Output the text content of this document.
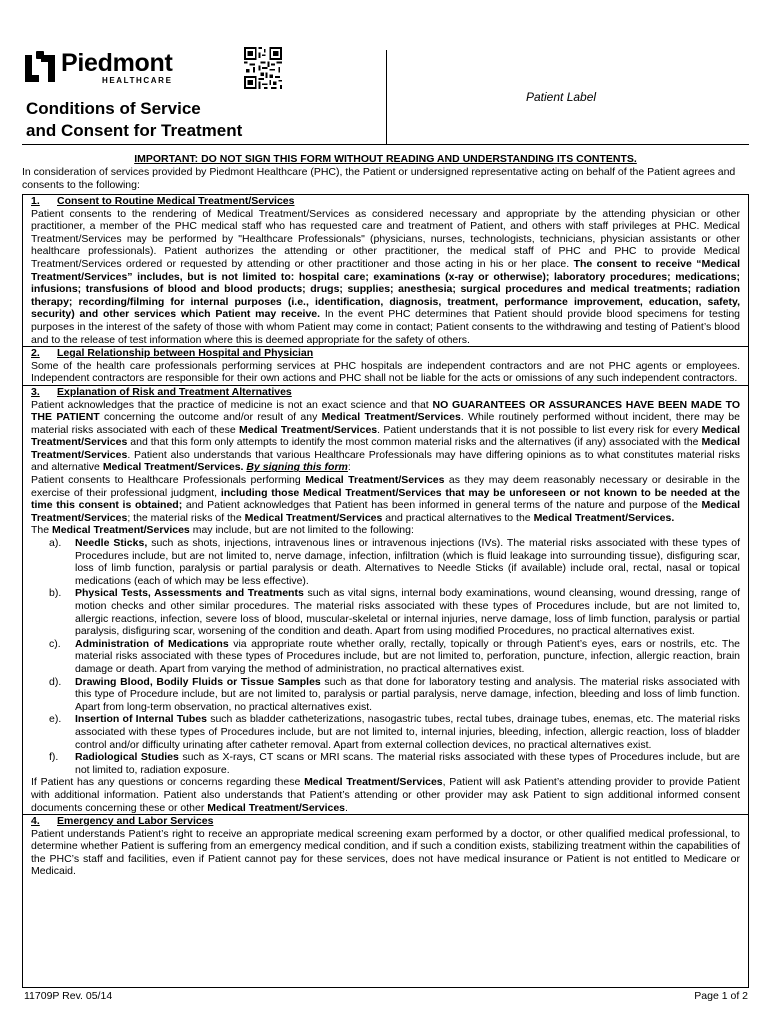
Piedmont
HEALTHCARE
Patient Label
Conditions of Service
and Consent for Treatment
IMPORTANT: DO NOT SIGN THIS FORM WITHOUT READING AND UNDERSTANDING ITS CONTENTS.
In consideration of services provided by Piedmont Healthcare (PHC), the Patient or undersigned representative acting on behalf of the Patient agrees and consents to the following:
1. Consent to Routine Medical Treatment/Services

Patient consents to the rendering of Medical Treatment/Services as considered necessary and appropriate by the attending physician or other practitioner, a member of the PHC medical staff who has requested care and treatment of Patient, and others with staff privileges at PHC. Medical Treatment/Services may be performed by "Healthcare Professionals" (physicians, nurses, technologists, technicians, physician assistants or other healthcare professionals). Patient authorizes the attending or other practitioner, the medical staff of PHC and PHC to provide Medical Treatment/Services ordered or requested by attending or other practitioner and those acting in his or her place. The consent to receive “Medical Treatment/Services” includes, but is not limited to: hospital care; examinations (x-ray or otherwise); laboratory procedures; medications; infusions; transfusions of blood and blood products; drugs; supplies; anesthesia; surgical procedures and medical treatments; radiation therapy; recording/filming for internal purposes (i.e., identification, diagnosis, treatment, performance improvement, education, safety, security) and other services which Patient may receive. In the event PHC determines that Patient should provide blood specimens for testing purposes in the interest of the safety of those with whom Patient may come in contact; Patient consents to the withdrawing and testing of Patient’s blood and to the release of test information where this is deemed appropriate for the safety of others.

2. Legal Relationship between Hospital and Physician

Some of the health care professionals performing services at PHC hospitals are independent contractors and are not PHC agents or employees. Independent contractors are responsible for their own actions and PHC shall not be liable for the acts or omissions of any such independent contractors.

3. Explanation of Risk and Treatment Alternatives

Patient acknowledges that the practice of medicine is not an exact science and that NO GUARANTEES OR ASSURANCES HAVE BEEN MADE TO THE PATIENT concerning the outcome and/or result of any Medical Treatment/Services. While routinely performed without incident, there may be material risks associated with each of these Medical Treatment/Services. Patient understands that it is not possible to list every risk for every Medical Treatment/Services and that this form only attempts to identify the most common material risks and the alternatives (if any) associated with the Medical Treatment/Services. Patient also understands that various Healthcare Professionals may have differing opinions as to what constitutes material risks and alternative Medical Treatment/Services. By signing this form:

Patient consents to Healthcare Professionals performing Medical Treatment/Services as they may deem reasonably necessary or desirable in the exercise of their professional judgment, including those Medical Treatment/Services that may be unforeseen or not known to be needed at the time this consent is obtained; and Patient acknowledges that Patient has been informed in general terms of the nature and purpose of the Medical Treatment/Services; the material risks of the Medical Treatment/Services and practical alternatives to the Medical Treatment/Services.

The Medical Treatment/Services may include, but are not limited to the following:

a). Needle Sticks, such as shots, injections, intravenous lines or intravenous injections (IVs). The material risks associated with these types of Procedures include, but are not limited to, nerve damage, infection, infiltration (which is fluid leakage into surrounding tissue), disfiguring scar, loss of limb function, paralysis or partial paralysis or death. Alternatives to Needle Sticks (if available) include oral, rectal, nasal or topical medications (each of which may be less effective).
b). Physical Tests, Assessments and Treatments such as vital signs, internal body examinations, wound cleansing, wound dressing, range of motion checks and other similar procedures. The material risks associated with these types of Procedures include, but are not limited to, allergic reactions, infection, severe loss of blood, muscular-skeletal or internal injuries, nerve damage, loss of limb function, paralysis or partial paralysis, disfiguring scar, worsening of the condition and death. Apart from using modified Procedures, no practical alternatives exist.
c). Administration of Medications via appropriate route whether orally, rectally, topically or through Patient’s eyes, ears or nostrils, etc. The material risks associated with these types of Procedures include, but are not limited to, perforation, puncture, infection, allergic reaction, brain damage or death. Apart from varying the method of administration, no practical alternatives exist.
d). Drawing Blood, Bodily Fluids or Tissue Samples such as that done for laboratory testing and analysis. The material risks associated with this type of Procedure include, but are not limited to, paralysis or partial paralysis, nerve damage, infection, bleeding and loss of limb function. Apart from long-term observation, no practical alternatives exist.
e). Insertion of Internal Tubes such as bladder catheterizations, nasogastric tubes, rectal tubes, drainage tubes, enemas, etc. The material risks associated with these types of Procedures include, but are not limited to, internal injuries, bleeding, infection, allergic reaction, loss of bladder control and/or difficulty urinating after catheter removal. Apart from external collection devices, no practical alternatives exist.
f). Radiological Studies such as X-rays, CT scans or MRI scans. The material risks associated with these types of Procedures include, but are not limited to, radiation exposure.

If Patient has any questions or concerns regarding these Medical Treatment/Services, Patient will ask Patient’s attending provider to provide Patient with additional information. Patient also understands that Patient’s attending or other provider may ask Patient to sign additional informed consent documents concerning these or other Medical Treatment/Services.

4. Emergency and Labor Services

Patient understands Patient’s right to receive an appropriate medical screening exam performed by a doctor, or other qualified medical professional, to determine whether Patient is suffering from an emergency medical condition, and if such a condition exists, stabilizing treatment within the capabilities of the PHC’s staff and facilities, even if Patient cannot pay for these services, does not have medical insurance or Patient is not entitled to Medicare or Medicaid.

11709P Rev. 05/14	Page 1 of 2
